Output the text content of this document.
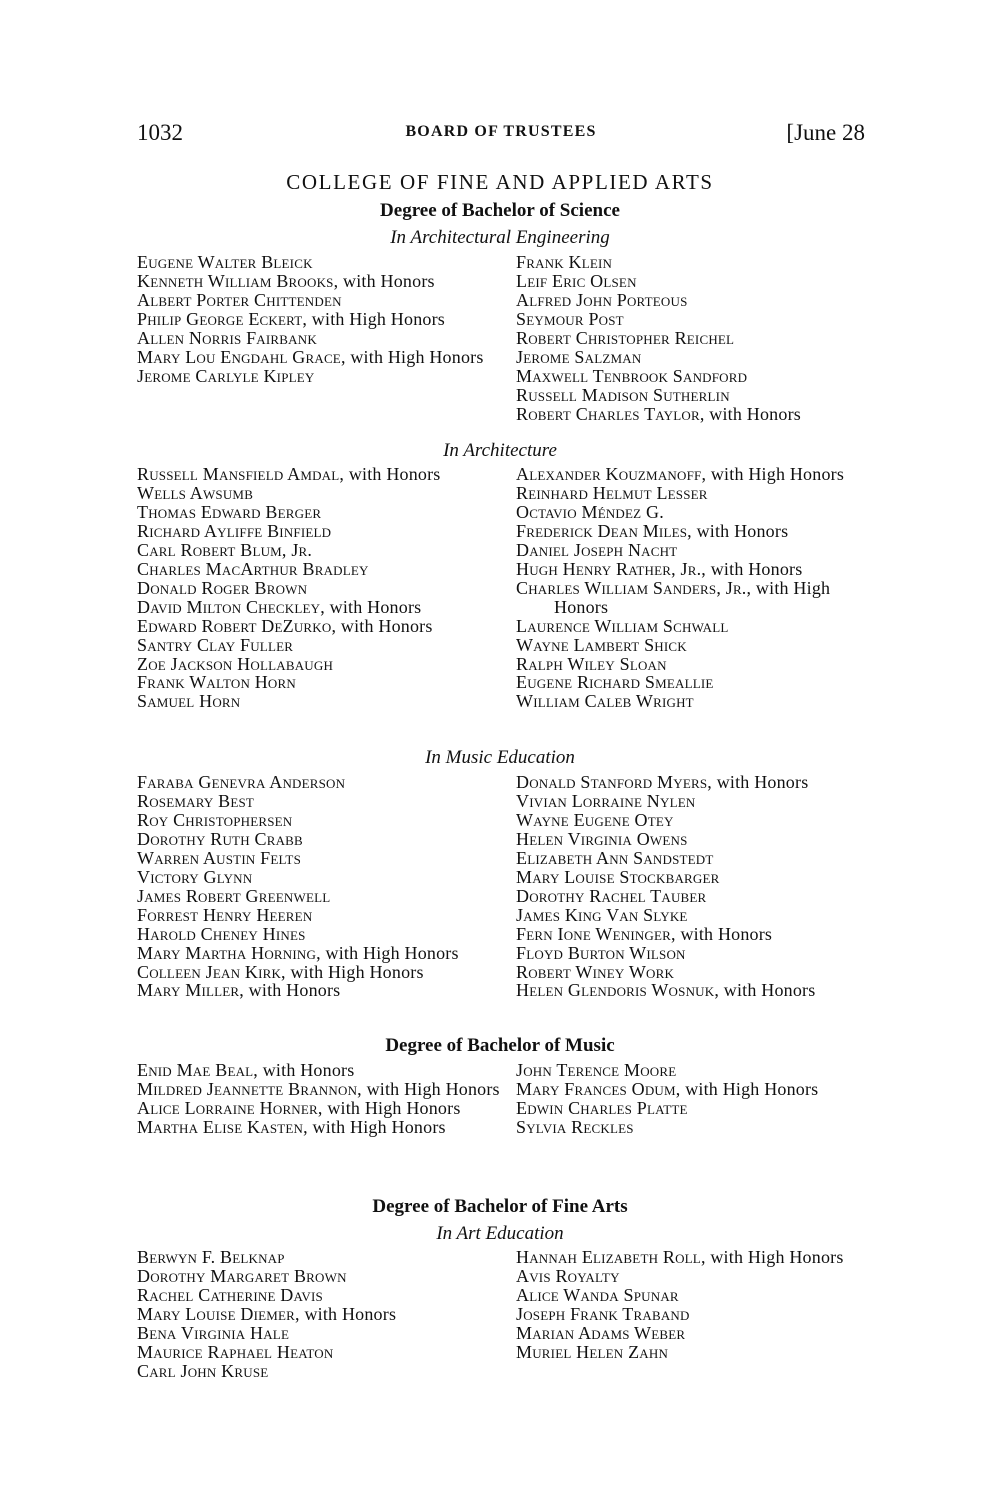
1032	BOARD OF TRUSTEES	[June 28
COLLEGE OF FINE AND APPLIED ARTS
Degree of Bachelor of Science
In Architectural Engineering
Eugene Walter Bleick
Kenneth William Brooks, with Honors
Albert Porter Chittenden
Philip George Eckert, with High Honors
Allen Norris Fairbank
Mary Lou Engdahl Grace, with High Honors
Jerome Carlyle Kipley
Frank Klein
Leif Eric Olsen
Alfred John Porteous
Seymour Post
Robert Christopher Reichel
Jerome Salzman
Maxwell Tenbrook Sandford
Russell Madison Sutherlin
Robert Charles Taylor, with Honors
In Architecture
Russell Mansfield Amdal, with Honors
Wells Awsumb
Thomas Edward Berger
Richard Ayliffe Binfield
Carl Robert Blum, Jr.
Charles MacArthur Bradley
Donald Roger Brown
David Milton Checkley, with Honors
Edward Robert DeZurko, with Honors
Santry Clay Fuller
Zoe Jackson Hollabaugh
Frank Walton Horn
Samuel Horn
Alexander Kouzmanoff, with High Honors
Reinhard Helmut Lesser
Octavio Méndez G.
Frederick Dean Miles, with Honors
Daniel Joseph Nacht
Hugh Henry Rather, Jr., with Honors
Charles William Sanders, Jr., with High Honors
Laurence William Schwall
Wayne Lambert Shick
Ralph Wiley Sloan
Eugene Richard Smeallie
William Caleb Wright
In Music Education
Faraba Genevra Anderson
Rosemary Best
Roy Christophersen
Dorothy Ruth Crabb
Warren Austin Felts
Victory Glynn
James Robert Greenwell
Forrest Henry Heeren
Harold Cheney Hines
Mary Martha Horning, with High Honors
Colleen Jean Kirk, with High Honors
Mary Miller, with Honors
Donald Stanford Myers, with Honors
Vivian Lorraine Nylen
Wayne Eugene Otey
Helen Virginia Owens
Elizabeth Ann Sandstedt
Mary Louise Stockbarger
Dorothy Rachel Tauber
James King Van Slyke
Fern Ione Weninger, with Honors
Floyd Burton Wilson
Robert Winey Work
Helen Glendoris Wosnuk, with Honors
Degree of Bachelor of Music
Enid Mae Beal, with Honors
Mildred Jeannette Brannon, with High Honors
Alice Lorraine Horner, with High Honors
Martha Elise Kasten, with High Honors
John Terence Moore
Mary Frances Odum, with High Honors
Edwin Charles Platte
Sylvia Reckles
Degree of Bachelor of Fine Arts
In Art Education
Berwyn F. Belknap
Dorothy Margaret Brown
Rachel Catherine Davis
Mary Louise Diemer, with Honors
Bena Virginia Hale
Maurice Raphael Heaton
Carl John Kruse
Hannah Elizabeth Roll, with High Honors
Avis Royalty
Alice Wanda Spunar
Joseph Frank Traband
Marian Adams Weber
Muriel Helen Zahn
